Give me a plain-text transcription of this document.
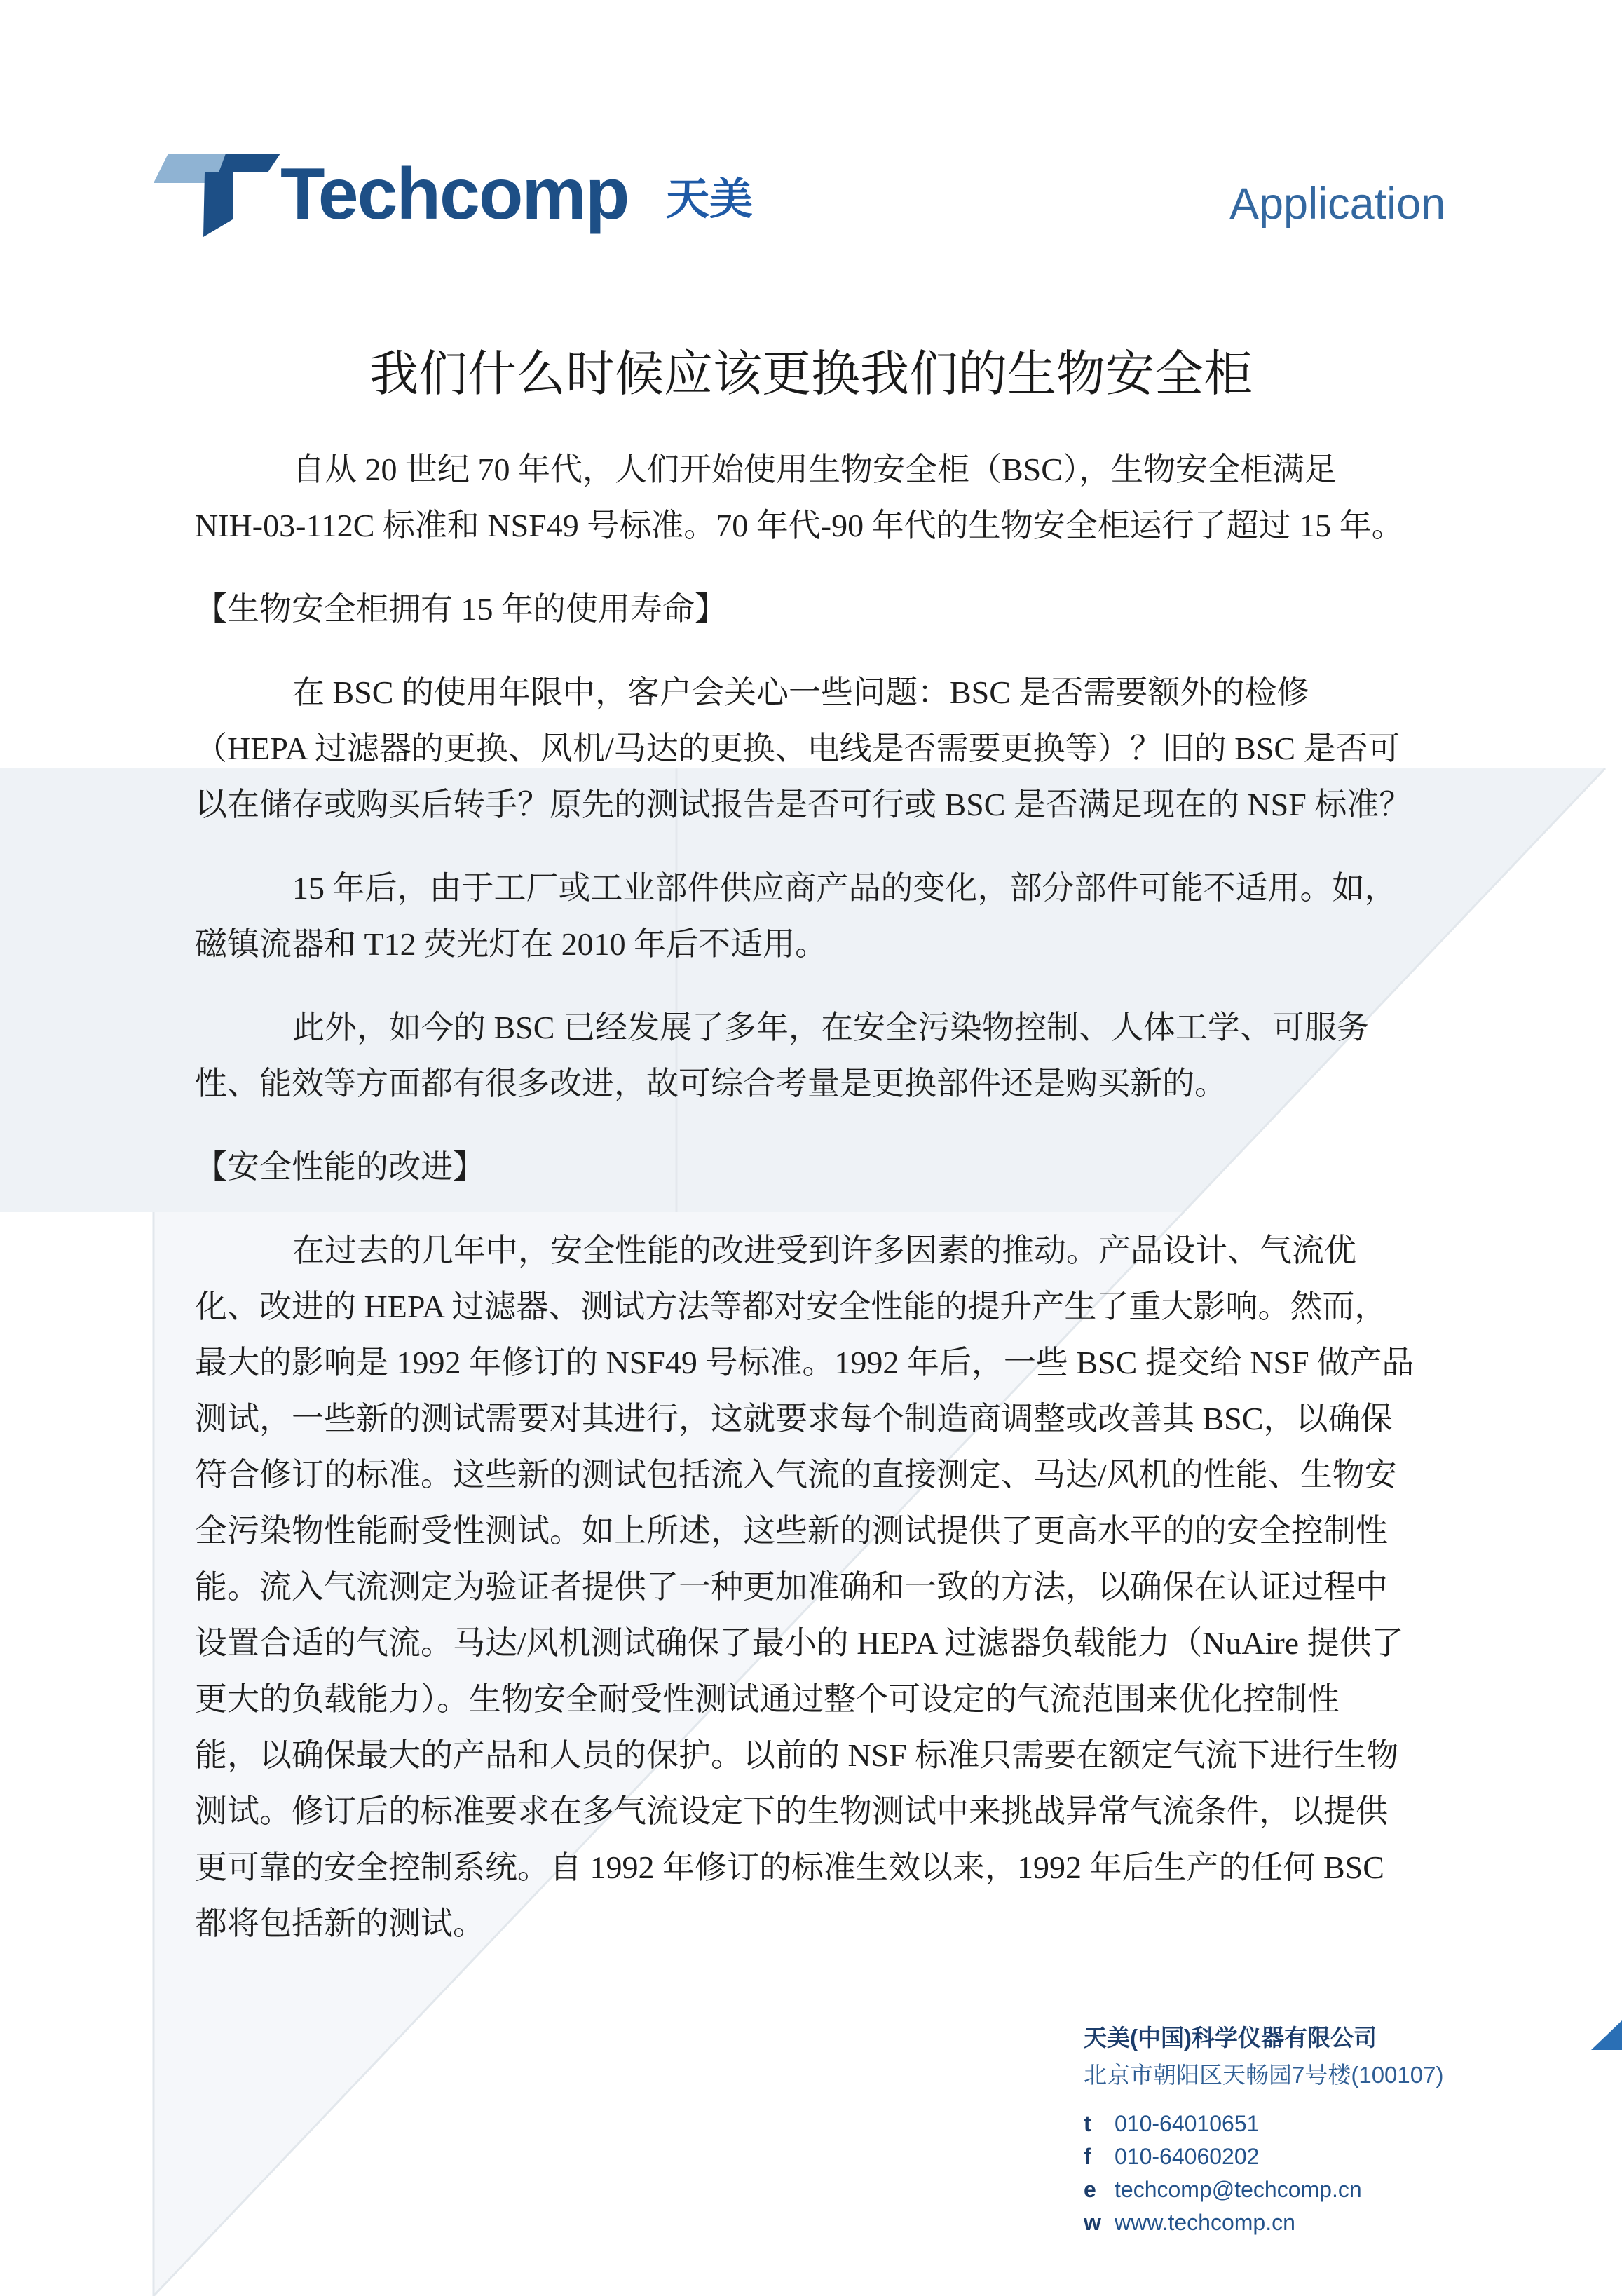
Techcomp 天美	Application
我们什么时候应该更换我们的生物安全柜
自从 20 世纪 70 年代，人们开始使用生物安全柜（BSC），生物安全柜满足
NIH-03-112C 标准和 NSF49 号标准。70 年代-90 年代的生物安全柜运行了超过 15 年。
【生物安全柜拥有 15 年的使用寿命】
在 BSC 的使用年限中，客户会关心一些问题：BSC 是否需要额外的检修
（HEPA 过滤器的更换、风机/马达的更换、电线是否需要更换等）？旧的 BSC 是否可
以在储存或购买后转手？原先的测试报告是否可行或 BSC 是否满足现在的 NSF 标准？
15 年后，由于工厂或工业部件供应商产品的变化，部分部件可能不适用。如，
磁镇流器和 T12 荧光灯在 2010 年后不适用。
此外，如今的 BSC 已经发展了多年，在安全污染物控制、人体工学、可服务
性、能效等方面都有很多改进，故可综合考量是更换部件还是购买新的。
【安全性能的改进】
在过去的几年中，安全性能的改进受到许多因素的推动。产品设计、气流优
化、改进的 HEPA 过滤器、测试方法等都对安全性能的提升产生了重大影响。然而，
最大的影响是 1992 年修订的 NSF49 号标准。1992 年后，一些 BSC 提交给 NSF 做产品
测试，一些新的测试需要对其进行，这就要求每个制造商调整或改善其 BSC，以确保
符合修订的标准。这些新的测试包括流入气流的直接测定、马达/风机的性能、生物安
全污染物性能耐受性测试。如上所述，这些新的测试提供了更高水平的的安全控制性
能。流入气流测定为验证者提供了一种更加准确和一致的方法，以确保在认证过程中
设置合适的气流。马达/风机测试确保了最小的 HEPA 过滤器负载能力（NuAire 提供了
更大的负载能力）。生物安全耐受性测试通过整个可设定的气流范围来优化控制性
能，以确保最大的产品和人员的保护。以前的 NSF 标准只需要在额定气流下进行生物
测试。修订后的标准要求在多气流设定下的生物测试中来挑战异常气流条件，以提供
更可靠的安全控制系统。自 1992 年修订的标准生效以来，1992 年后生产的任何 BSC
都将包括新的测试。
天美(中国)科学仪器有限公司
北京市朝阳区天畅园7号楼(100107)
t 010-64010651
f 010-64060202
e techcomp@techcomp.cn
w www.techcomp.cn
